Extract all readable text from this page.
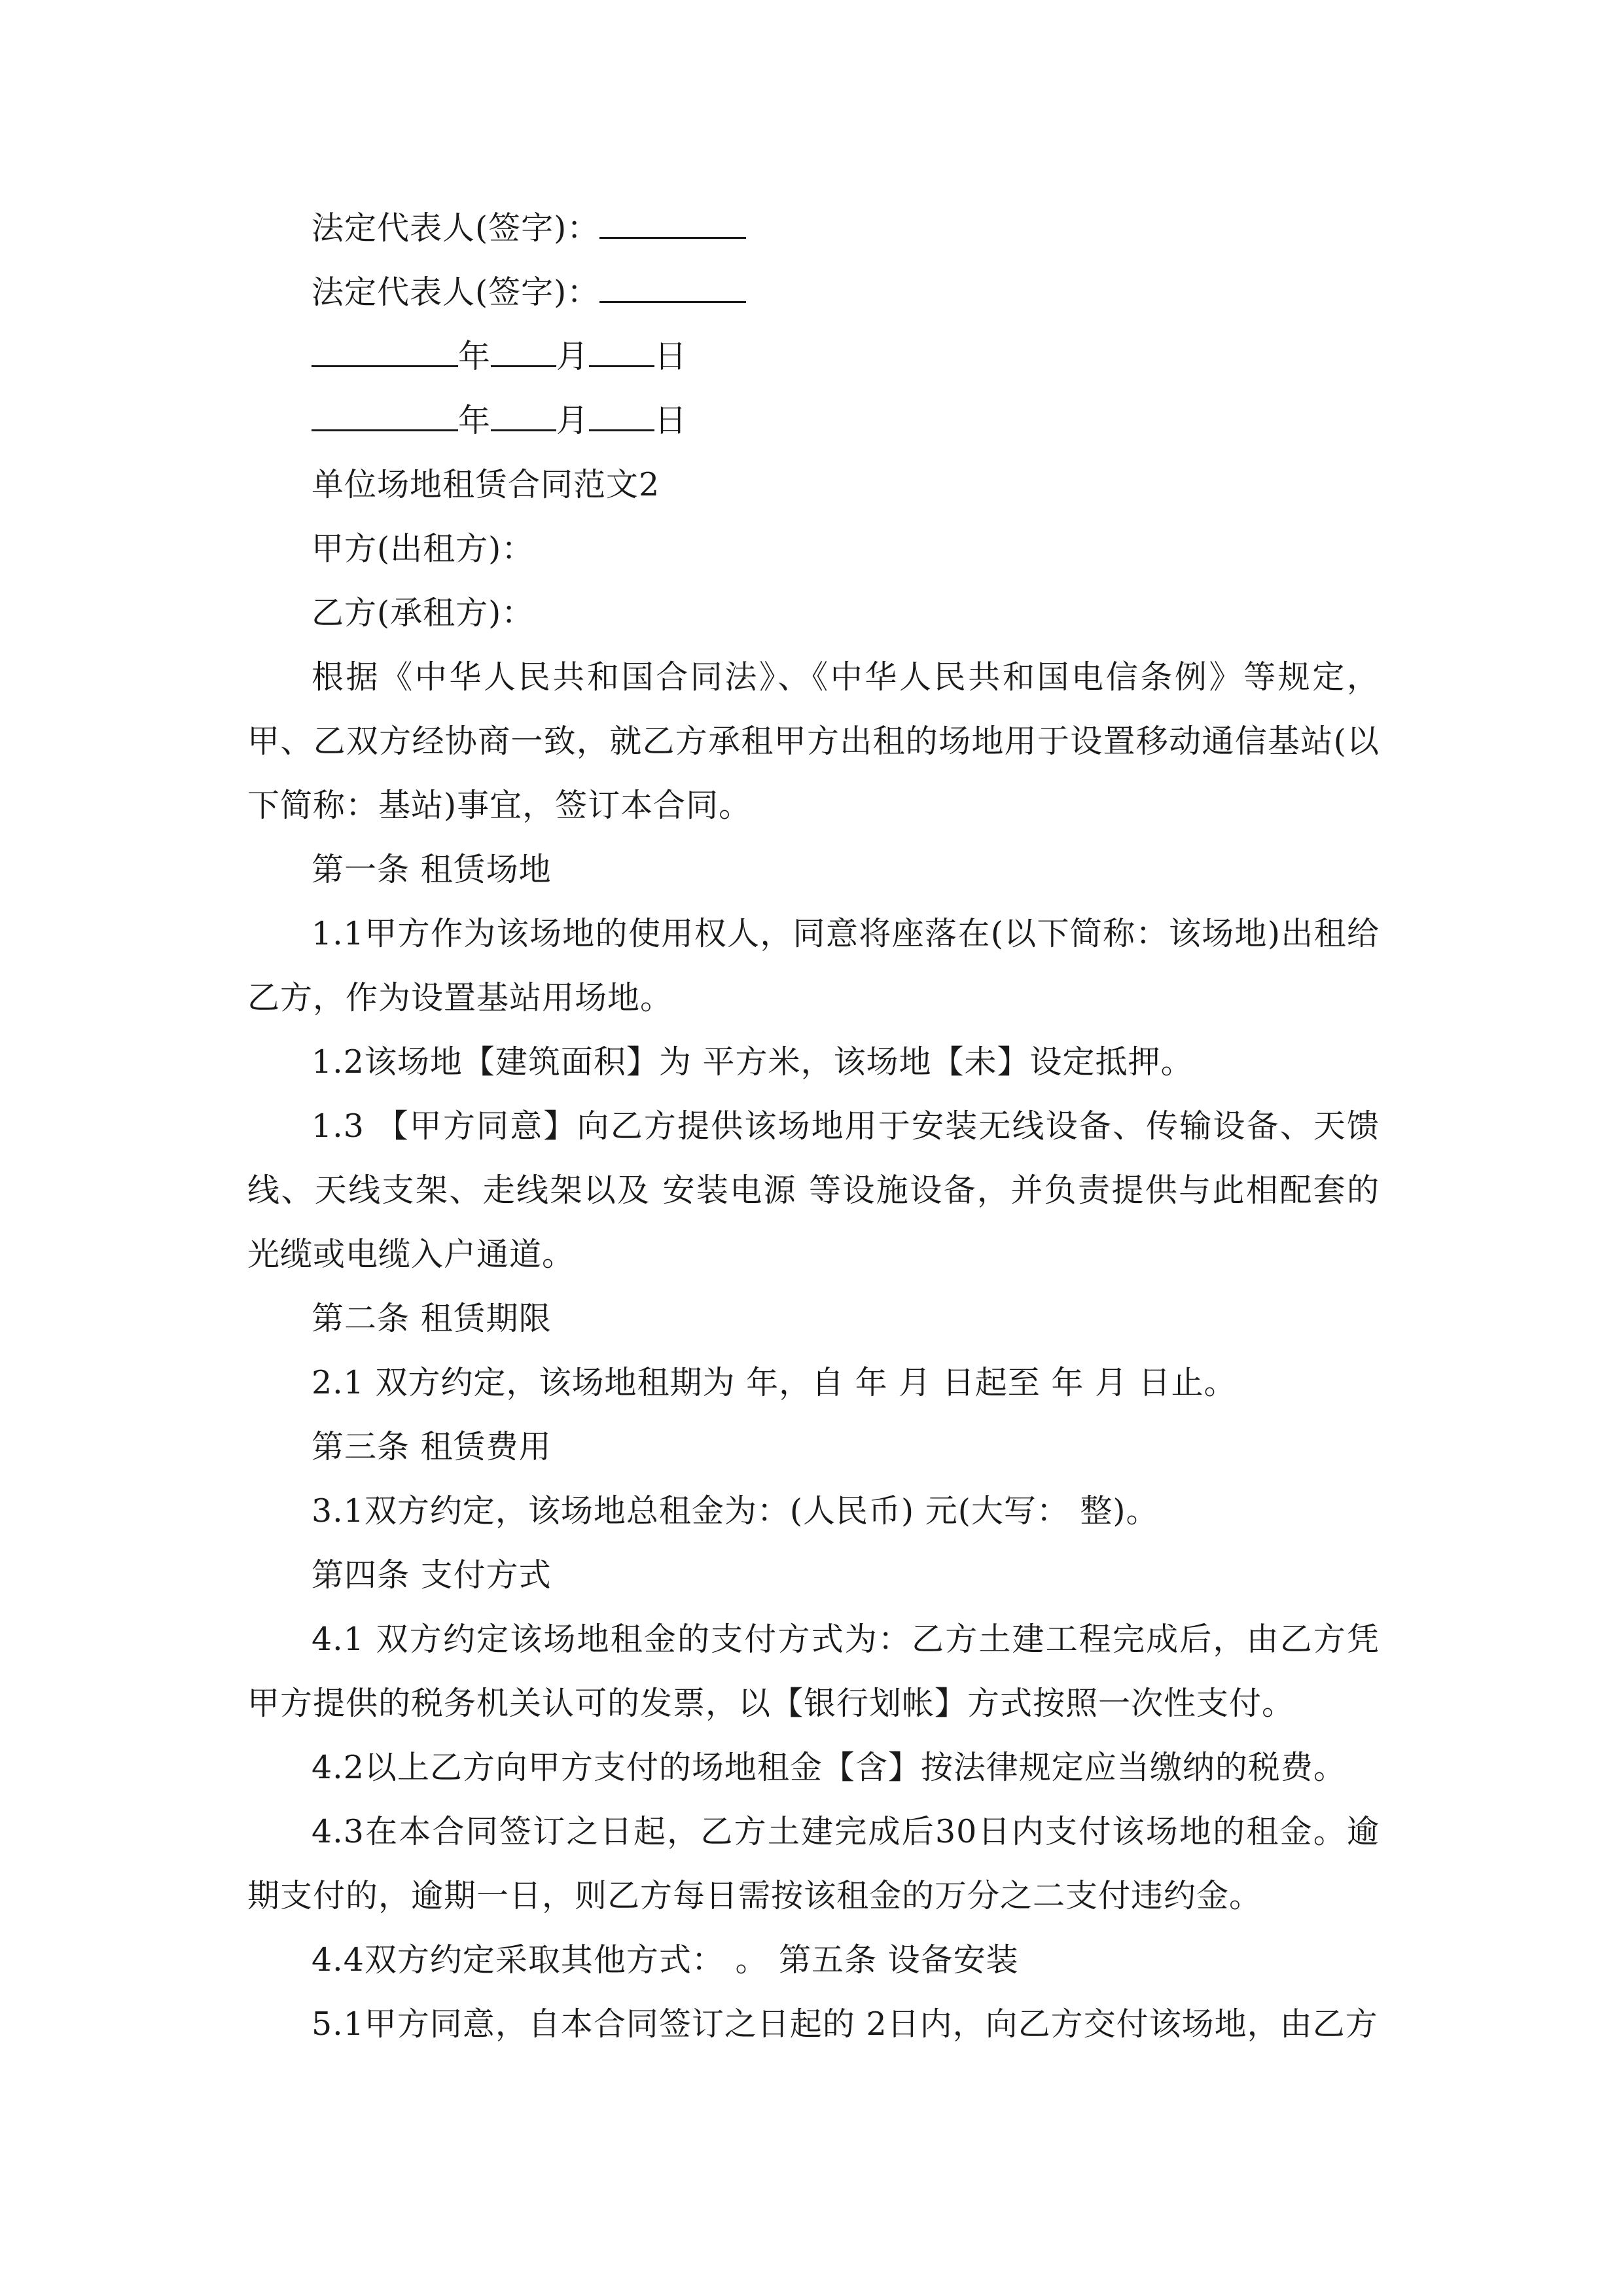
法定代表人(签字)：
法定代表人(签字)：
年 月 日
年 月 日
单位场地租赁合同范文2
甲方(出租方)：
乙方(承租方)：
根据《中华人民共和国合同法》、《中华人民共和国电信条例》等规定，甲、乙双方经协商一致，就乙方承租甲方出租的场地用于设置移动通信基站(以下简称：基站)事宜，签订本合同。
第一条 租赁场地
1.1甲方作为该场地的使用权人，同意将座落在(以下简称：该场地)出租给乙方，作为设置基站用场地。
1.2该场地【建筑面积】为 平方米，该场地【未】设定抵押。
1.3 【甲方同意】向乙方提供该场地用于安装无线设备、传输设备、天馈线、天线支架、走线架以及 安装电源 等设施设备，并负责提供与此相配套的光缆或电缆入户通道。
第二条 租赁期限
2.1 双方约定，该场地租期为 年，自 年 月 日起至 年 月 日止。
第三条 租赁费用
3.1双方约定，该场地总租金为：(人民币) 元(大写： 整)。
第四条 支付方式
4.1 双方约定该场地租金的支付方式为：乙方土建工程完成后，由乙方凭甲方提供的税务机关认可的发票，以【银行划帐】方式按照一次性支付。
4.2以上乙方向甲方支付的场地租金【含】按法律规定应当缴纳的税费。
4.3在本合同签订之日起，乙方土建完成后30日内支付该场地的租金。逾期支付的，逾期一日，则乙方每日需按该租金的万分之二支付违约金。
4.4双方约定采取其他方式： 。 第五条 设备安装
5.1甲方同意，自本合同签订之日起的 2日内，向乙方交付该场地，由乙方
